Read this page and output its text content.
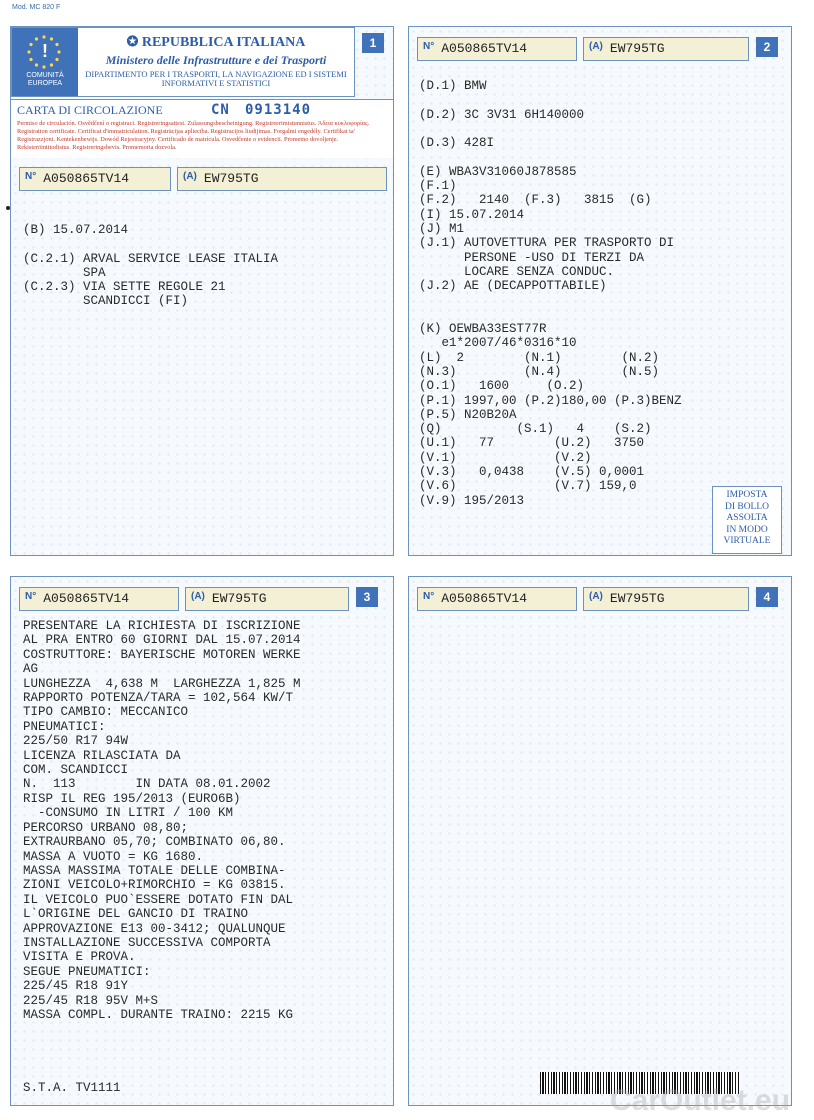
Mod. MC 820 F
!
COMUNITÀ EUROPEA
✪ REPUBBLICA ITALIANA
Ministero delle Infrastrutture e dei Trasporti
DIPARTIMENTO PER I TRASPORTI, LA NAVIGAZIONE ED I SISTEMI INFORMATIVI E STATISTICI
1
CARTA DI CIRCOLAZIONE	CN 0913140
Permiso de circulación. Osvědčení o registraci. Registreringsattest. Zulassungsbescheinigung. Registreerimistunnistus. Άδεια κυκλοφορίας. Registration certificate. Certificat d'immatriculation. Registrācijas apliecība. Registracijos liudijimas. Forgalmi engedély. Certifikat ta' Registrazzjoni. Kentekenbewijs. Dowód Rejestracyjny. Certificado de matrícula. Osvedčenie o evidencii. Prometno dovoljenje. Rekisteröintitodistus. Registreringsbevis. Promemoria dozvola.
$^{N^\circ}$ A050865TV14	$^{(A)}$ EW795TG
(B) 15.07.2014

(C.2.1) ARVAL SERVICE LEASE ITALIA
SPA
(C.2.3) VIA SETTE REGOLE 21
SCANDICCI (FI)
$^{N^\circ}$ A050865TV14	$^{(A)}$ EW795TG	2
(D.1) BMW

(D.2) 3C 3V31 6H140000

(D.3) 428I

(E) WBA3V31060J878585
(F.1)
(F.2)   2140  (F.3)   3815  (G)
(I) 15.07.2014
(J) M1
(J.1) AUTOVETTURA PER TRASPORTO DI
PERSONE -USO DI TERZI DA
LOCARE SENZA CONDUC.
(J.2) AE (DECAPPOTTABILE)

(K) OEWBA33EST77R
e1*2007/46*0316*10
(L)  2        (N.1)        (N.2)
(N.3)         (N.4)        (N.5)
(O.1)   1600     (O.2)
(P.1) 1997,00 (P.2)180,00 (P.3)BENZ
(P.5) N20B20A
(Q)          (S.1)   4    (S.2)
(U.1)   77        (U.2)   3750
(V.1)             (V.2)
(V.3)   0,0438    (V.5) 0,0001
(V.6)             (V.7) 159,0
(V.9) 195/2013	IMPOSTA
DI BOLLO
ASSOLTA
IN MODO
VIRTUALE
$^{N^\circ}$ A050865TV14	$^{(A)}$ EW795TG	3
PRESENTARE LA RICHIESTA DI ISCRIZIONE
AL PRA ENTRO 60 GIORNI DAL 15.07.2014
COSTRUTTORE: BAYERISCHE MOTOREN WERKE
AG
LUNGHEZZA  4,638 M  LARGHEZZA 1,825 M
RAPPORTO POTENZA/TARA = 102,564 KW/T
TIPO CAMBIO: MECCANICO
PNEUMATICI:
225/50 R17 94W
LICENZA RILASCIATA DA
COM. SCANDICCI
N.  113        IN DATA 08.01.2002
RISP IL REG 195/2013 (EURO6B)
-CONSUMO IN LITRI / 100 KM
PERCORSO URBANO 08,80;
EXTRAURBANO 05,70; COMBINATO 06,80.
MASSA A VUOTO = KG 1680.
MASSA MASSIMA TOTALE DELLE COMBINA-
ZIONI VEICOLO+RIMORCHIO = KG 03815.
IL VEICOLO PUO`ESSERE DOTATO FIN DAL
L`ORIGINE DEL GANCIO DI TRAINO
APPROVAZIONE E13 00-3412; QUALUNQUE
INSTALLAZIONE SUCCESSIVA COMPORTA
VISITA E PROVA.
SEGUE PNEUMATICI:
225/45 R18 91Y
225/45 R18 95V M+S
MASSA COMPL. DURANTE TRAINO: 2215 KG
S.T.A. TV1111
$^{N^\circ}$ A050865TV14	$^{(A)}$ EW795TG	4
CarOutlet.eu
